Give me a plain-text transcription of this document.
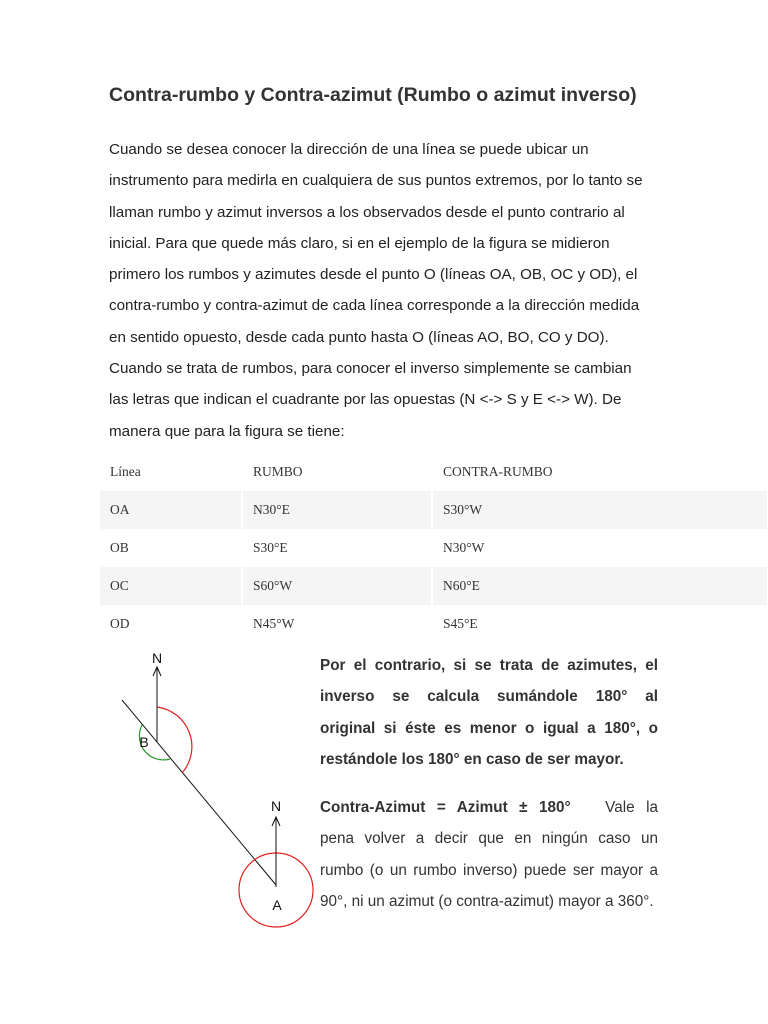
Contra-rumbo y Contra-azimut (Rumbo o azimut inverso)

Cuando se desea conocer la dirección de una línea se puede ubicar un
instrumento para medirla en cualquiera de sus puntos extremos, por lo tanto se
llaman rumbo y azimut inversos a los observados desde el punto contrario al
inicial. Para que quede más claro, si en el ejemplo de la figura se midieron
primero los rumbos y azimutes desde el punto O (líneas OA, OB, OC y OD), el
contra-rumbo y contra-azimut de cada línea corresponde a la dirección medida
en sentido opuesto, desde cada punto hasta O (líneas AO, BO, CO y DO).
Cuando se trata de rumbos, para conocer el inverso simplemente se cambian
las letras que indican el cuadrante por las opuestas (N <-> S y E <-> W). De
manera que para la figura se tiene:

Línea	RUMBO	CONTRA-RUMBO
OA	N30°E	S30°W
OB	S30°E	N30°W
OC	S60°W	N60°E
OD	N45°W	S45°E
N
B
N
A

Por el contrario, si se trata de azimutes, el
inverso se calcula sumándole 180° al
original si éste es menor o igual a 180°, o
restándole los 180° en caso de ser mayor.

Contra-Azimut = Azimut ± 180° Vale la
pena volver a decir que en ningún caso un
rumbo (o un rumbo inverso) puede ser mayor a
90°, ni un azimut (o contra-azimut) mayor a 360°.
